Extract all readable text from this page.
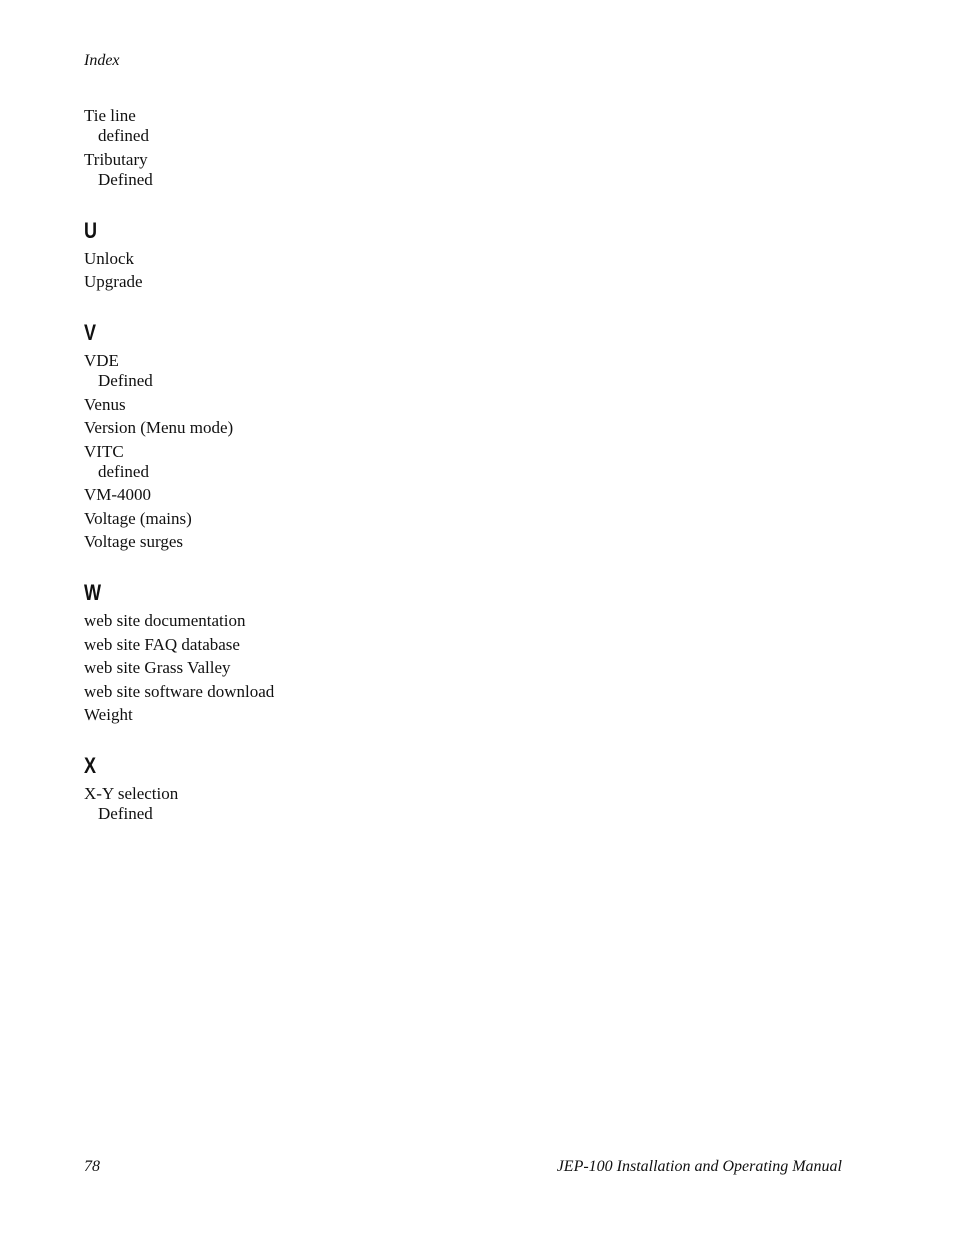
Index
Tie line
defined
Tributary
Defined
U
Unlock
Upgrade
V
VDE
Defined
Venus
Version (Menu mode)
VITC
defined
VM-4000
Voltage (mains)
Voltage surges
W
web site documentation
web site FAQ database
web site Grass Valley
web site software download
Weight
X
X-Y selection
Defined
78	JEP-100 Installation and Operating Manual
